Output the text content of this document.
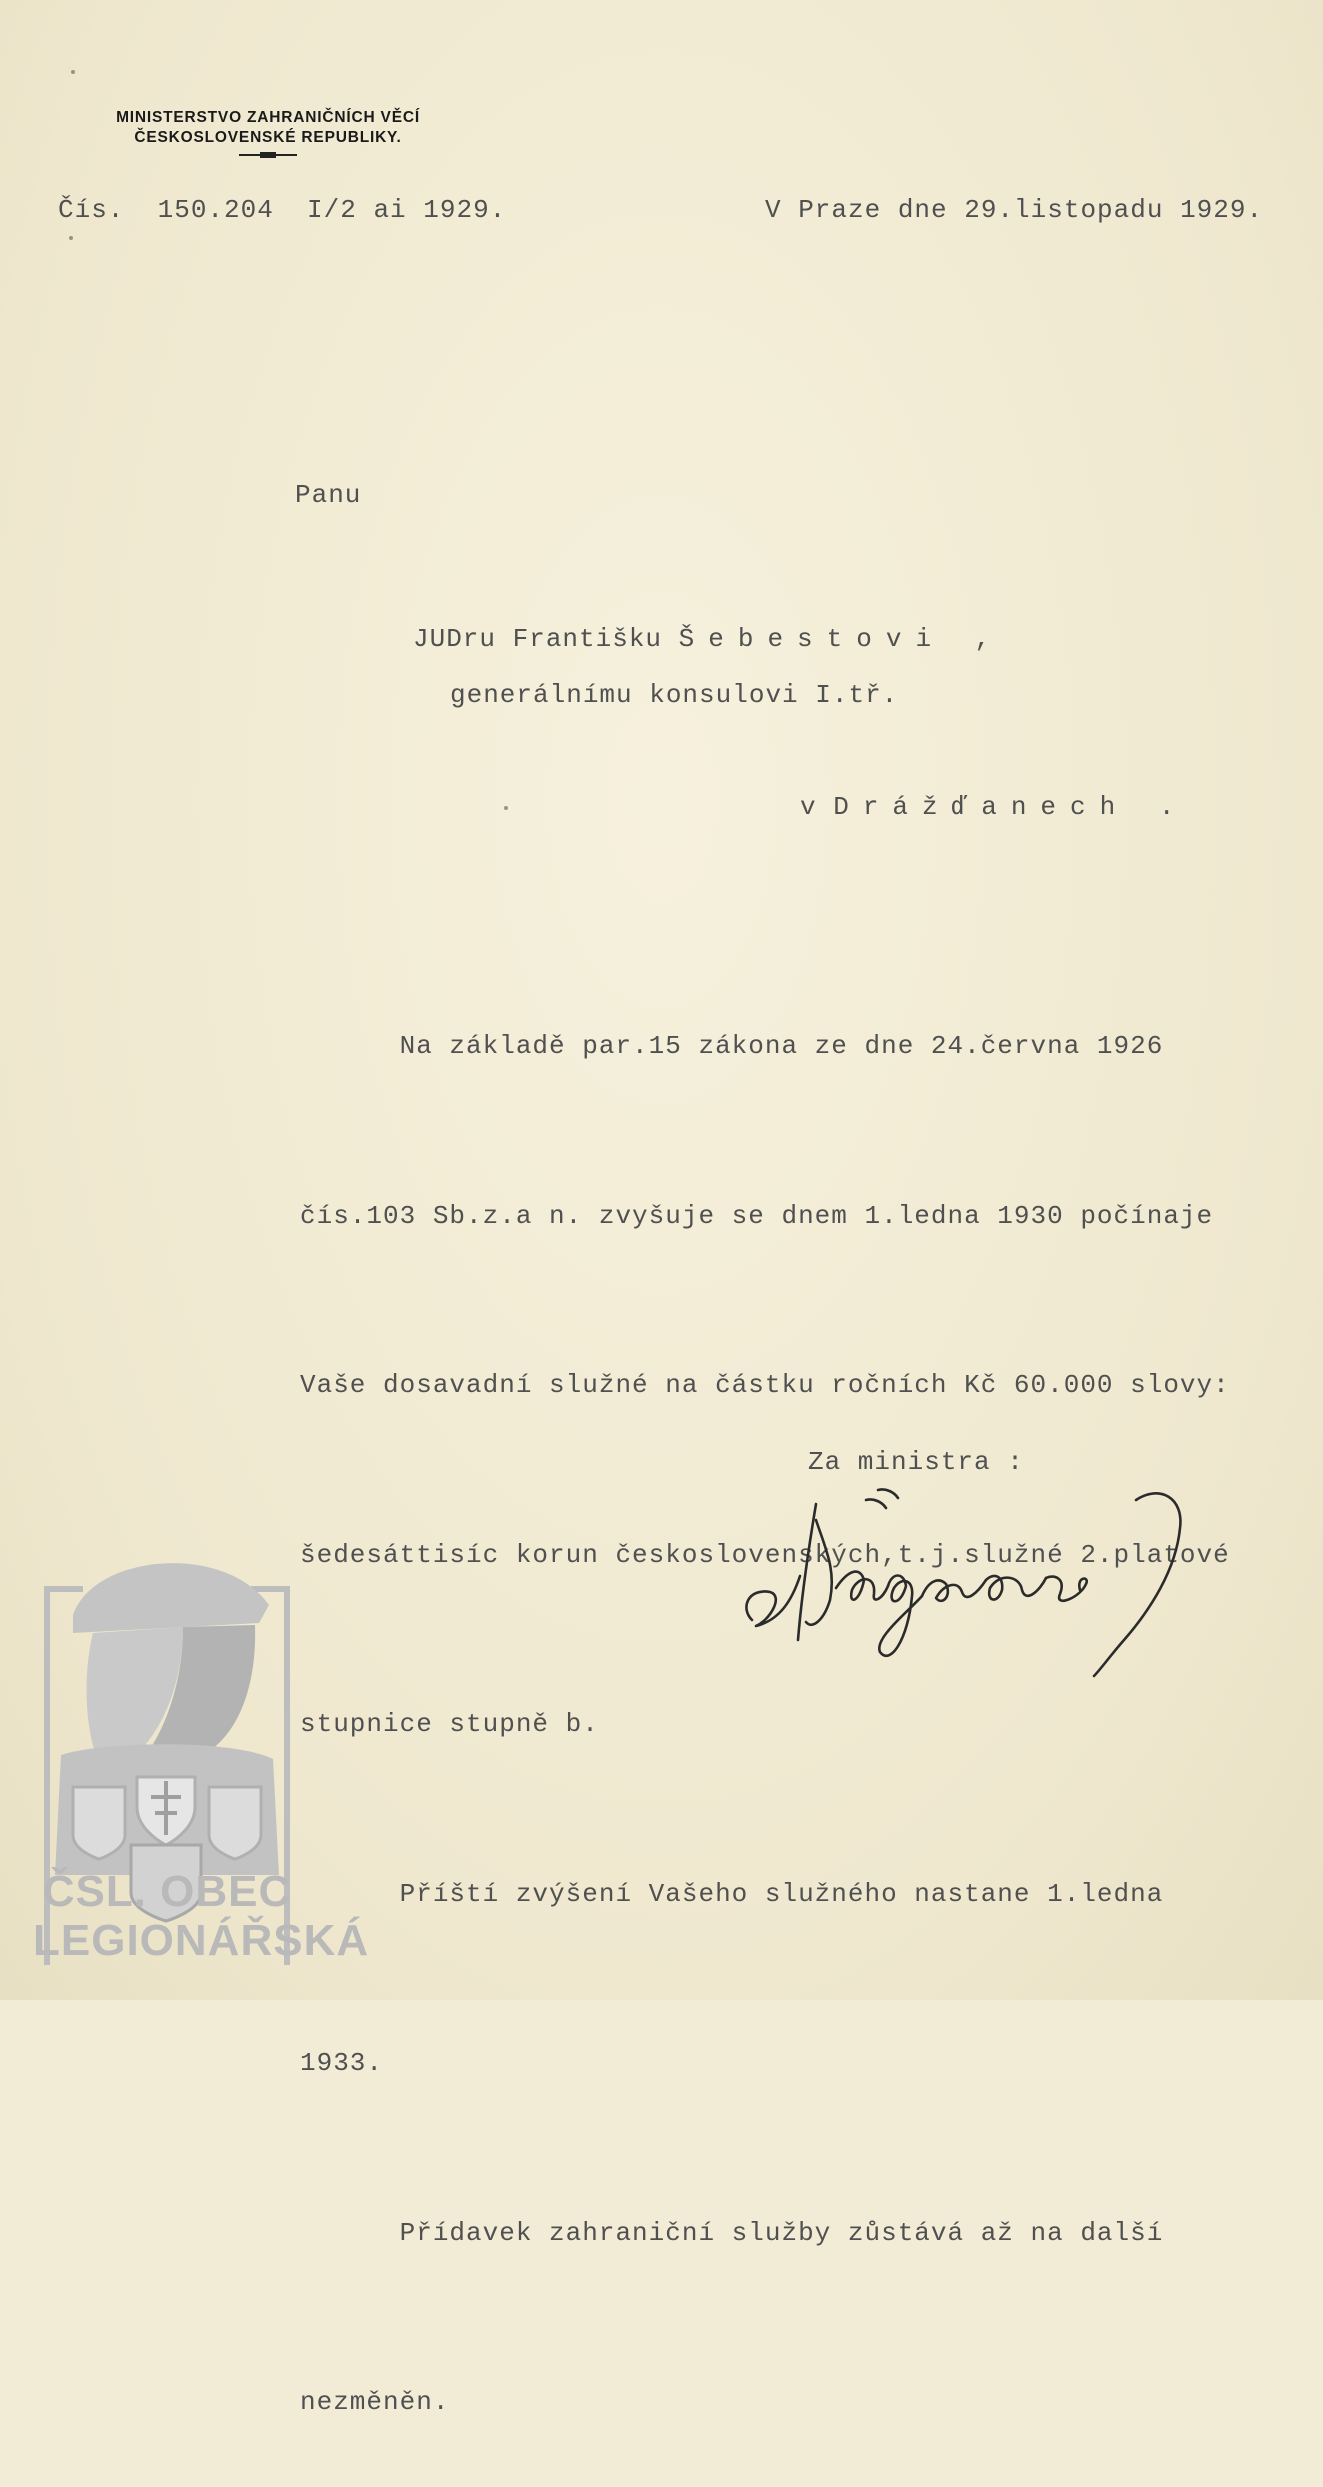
MINISTERSTVO ZAHRANIČNÍCH VĚCÍ
ČESKOSLOVENSKÉ REPUBLIKY.
Čís.  150.204  I/2 ai 1929.	V Praze dne 29.listopadu 1929.
Panu
JUDru Františku Šebestovi ,
generálnímu konsulovi I.tř.
v Drážďanech .

Na základě par.15 zákona ze dne 24.června 1926

čís.103 Sb.z.a n. zvyšuje se dnem 1.ledna 1930 počínaje

Vaše dosavadní služné na částku ročních Kč 60.000 slovy:

šedesáttisíc korun československých,t.j.služné 2.platové

stupnice stupně b.

Příští zvýšení Vašeho služného nastane 1.ledna

1933.

Přídavek zahraniční služby zůstává až na další

nezměněn.

Za ministra :
ČSL. OBEC
LEGIONÁŘSKÁ
